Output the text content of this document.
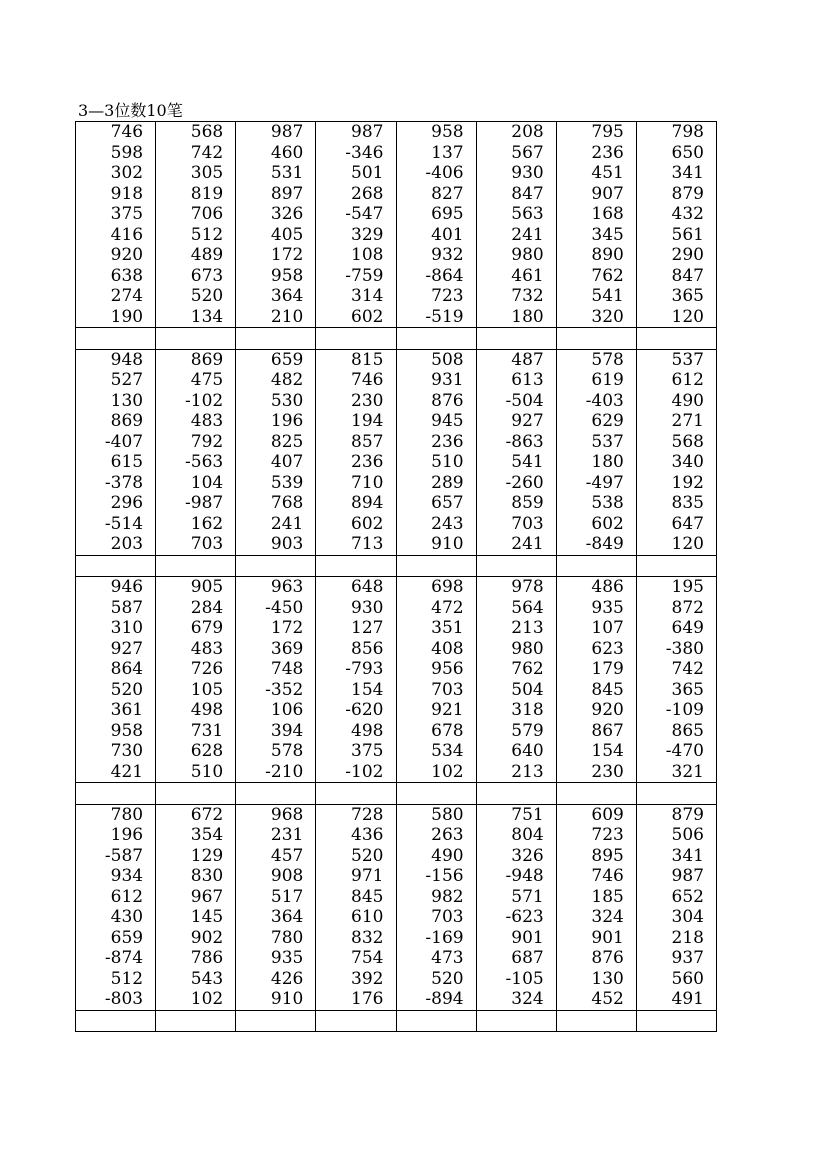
3—3位数10笔
746	568	987	987	958	208	795	798
598	742	460	-346	137	567	236	650
302	305	531	501	-406	930	451	341
918	819	897	268	827	847	907	879
375	706	326	-547	695	563	168	432
416	512	405	329	401	241	345	561
920	489	172	108	932	980	890	290
638	673	958	-759	-864	461	762	847
274	520	364	314	723	732	541	365
190	134	210	602	-519	180	320	120

948	869	659	815	508	487	578	537
527	475	482	746	931	613	619	612
130	-102	530	230	876	-504	-403	490
869	483	196	194	945	927	629	271
-407	792	825	857	236	-863	537	568
615	-563	407	236	510	541	180	340
-378	104	539	710	289	-260	-497	192
296	-987	768	894	657	859	538	835
-514	162	241	602	243	703	602	647
203	703	903	713	910	241	-849	120

946	905	963	648	698	978	486	195
587	284	-450	930	472	564	935	872
310	679	172	127	351	213	107	649
927	483	369	856	408	980	623	-380
864	726	748	-793	956	762	179	742
520	105	-352	154	703	504	845	365
361	498	106	-620	921	318	920	-109
958	731	394	498	678	579	867	865
730	628	578	375	534	640	154	-470
421	510	-210	-102	102	213	230	321

780	672	968	728	580	751	609	879
196	354	231	436	263	804	723	506
-587	129	457	520	490	326	895	341
934	830	908	971	-156	-948	746	987
612	967	517	845	982	571	185	652
430	145	364	610	703	-623	324	304
659	902	780	832	-169	901	901	218
-874	786	935	754	473	687	876	937
512	543	426	392	520	-105	130	560
-803	102	910	176	-894	324	452	491
